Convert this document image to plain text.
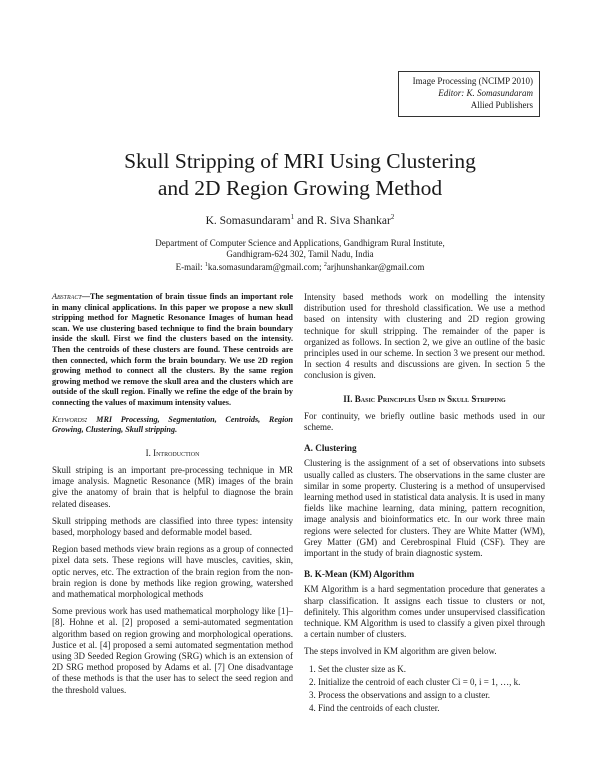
Image Processing (NCIMP 2010)
Editor: K. Somasundaram
Allied Publishers
Skull Stripping of MRI Using Clustering
and 2D Region Growing Method
K. Somasundaram$^1$ and R. Siva Shankar$^2$
Department of Computer Science and Applications, Gandhigram Rural Institute,
Gandhigram-624 302, Tamil Nadu, India
E-mail: $^1$ka.somasundaram@gmail.com; $^2$arjhunshankar@gmail.com
Abstract—The segmentation of brain tissue finds an important role in many clinical applications. In this paper we propose a new skull stripping method for Magnetic Resonance Images of human head scan. We use clustering based technique to find the brain boundary inside the skull. First we find the clusters based on the intensity. Then the centroids of these clusters are found. These centroids are then connected, which form the brain boundary. We use 2D region growing method to connect all the clusters. By the same region growing method we remove the skull area and the clusters which are outside of the skull region. Finally we refine the edge of the brain by connecting the values of maximum intensity values.
Keywords: MRI Processing, Segmentation, Centroids, Region Growing, Clustering, Skull stripping.
I. Introduction

Skull striping is an important pre-processing technique in MR image analysis. Magnetic Resonance (MR) images of the brain give the anatomy of brain that is helpful to diagnose the brain related diseases.

Skull stripping methods are classified into three types: intensity based, morphology based and deformable model based.

Region based methods view brain regions as a group of connected pixel data sets. These regions will have muscles, cavities, skin, optic nerves, etc. The extraction of the brain region from the non-brain region is done by methods like region growing, watershed and mathematical morphological methods

Some previous work has used mathematical morphology like [1]–[8]. Hohne et al. [2] proposed a semi-automated segmentation algorithm based on region growing and morphological operations. Justice et al. [4] proposed a semi automated segmentation method using 3D Seeded Region Growing (SRG) which is an extension of 2D SRG method proposed by Adams et al. [7] One disadvantage of these methods is that the user has to select the seed region and the threshold values.

Intensity based methods work on modelling the intensity distribution used for threshold classification. We use a method based on intensity with clustering and 2D region growing technique for skull stripping. The remainder of the paper is organized as follows. In section 2, we give an outline of the basic principles used in our scheme. In section 3 we present our method. In section 4 results and discussions are given. In section 5 the conclusion is given.

II. Basic Principles Used in Skull Stripping

For continuity, we briefly outline basic methods used in our scheme.

A. Clustering

Clustering is the assignment of a set of observations into subsets usually called as clusters. The observations in the same cluster are similar in some property. Clustering is a method of unsupervised learning method used in statistical data analysis. It is used in many fields like machine learning, data mining, pattern recognition, image analysis and bioinformatics etc. In our work three main regions were selected for clusters. They are White Matter (WM), Grey Matter (GM) and Cerebrospinal Fluid (CSF). They are important in the study of brain diagnostic system.

B. K-Mean (KM) Algorithm

KM Algorithm is a hard segmentation procedure that generates a sharp classification. It assigns each tissue to clusters or not, definitely. This algorithm comes under unsupervised classification technique. KM Algorithm is used to classify a given pixel through a certain number of clusters.

The steps involved in KM algorithm are given below.

1. Set the cluster size as K.
2. Initialize the centroid of each cluster Ci = 0, i = 1, …, k.
3. Process the observations and assign to a cluster.
4. Find the centroids of each cluster.
